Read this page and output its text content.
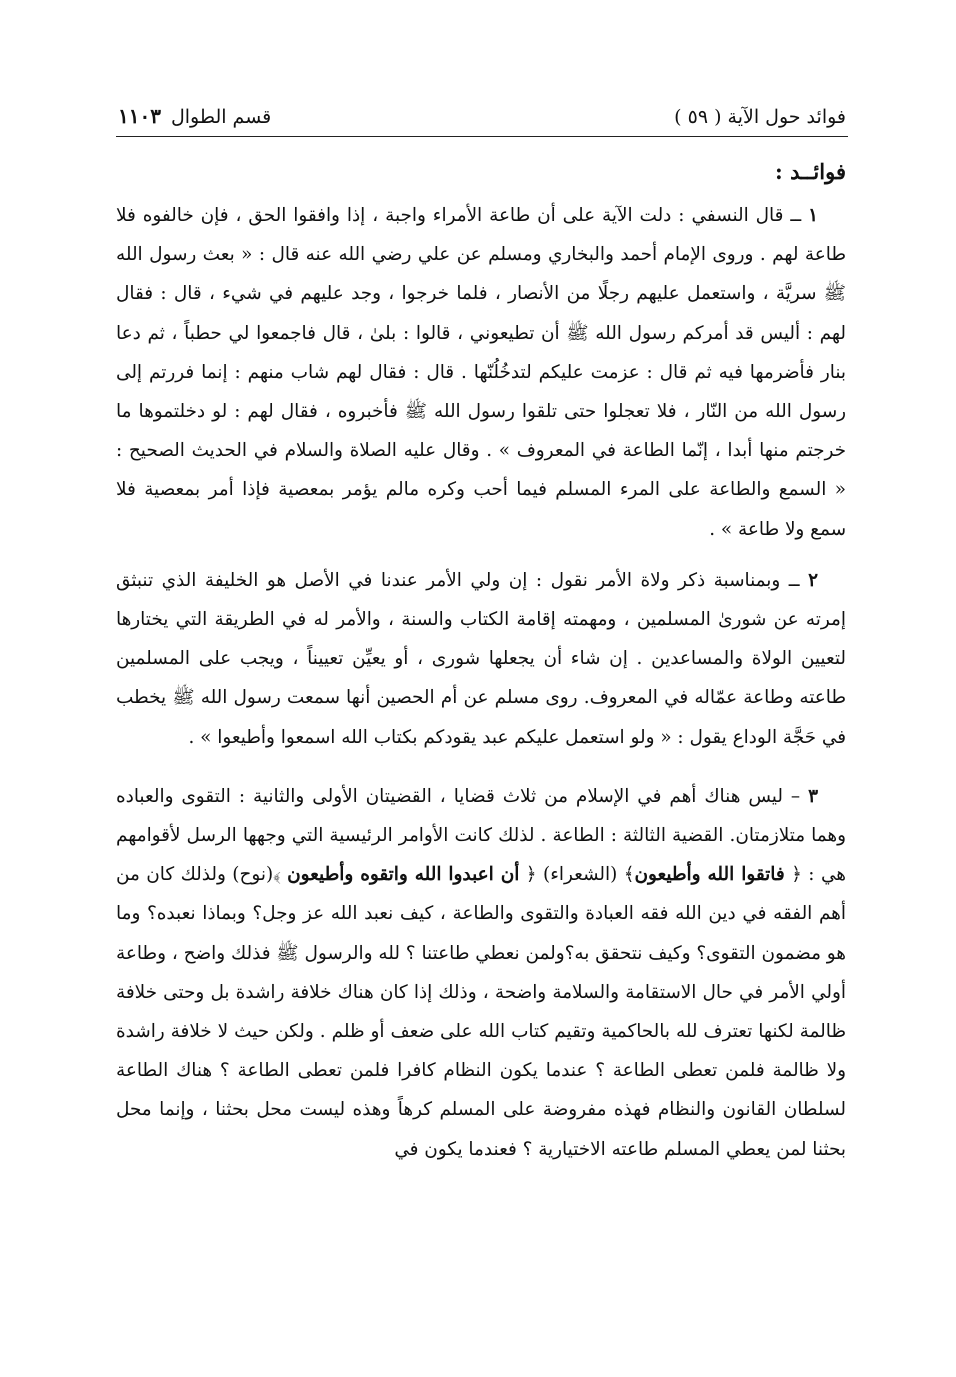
فوائد حول الآية ( ٥٩ )
قسم الطوال
١١٠٣
فوائــد :

١ ــ قال النسفي : دلت الآية على أن طاعة الأمراء واجبة ، إذا وافقوا الحق ، فإن خالفوه فلا طاعة لهم . وروى الإمام أحمد والبخاري ومسلم عن علي رضي الله عنه قال : « بعث رسول الله ﷺ سريَّة ، واستعمل عليهم رجلًا من الأنصار ، فلما خرجوا ، وجد عليهم في شيء ، قال : فقال لهم : أليس قد أمركم رسول الله ﷺ أن تطيعوني ، قالوا : بلىٰ ، قال فاجمعوا لي حطباً ، ثم دعا بنار فأضرمها فيه ثم قال : عزمت عليكم لتدخُلُنّها . قال : فقال لهم شاب منهم : إنما فررتم إلى رسول الله من النّار ، فلا تعجلوا حتى تلقوا رسول الله ﷺ فأخبروه ، فقال لهم : لو دخلتموها ما خرجتم منها أبدا ، إنّما الطاعة في المعروف » . وقال عليه الصلاة والسلام في الحديث الصحيح : « السمع والطاعة على المرء المسلم فيما أحب وكره مالم يؤمر بمعصية فإذا أمر بمعصية فلا سمع ولا طاعة » .

٢ ــ وبمناسبة ذكر ولاة الأمر نقول : إن ولي الأمر عندنا في الأصل هو الخليفة الذي تنبثق إمرته عن شورىٰ المسلمين ، ومهمته إقامة الكتاب والسنة ، والأمر له في الطريقة التي يختارها لتعيين الولاة والمساعدين . إن شاء أن يجعلها شورى ، أو يعيِّن تعييناً ، ويجب على المسلمين طاعته وطاعة عمّاله في المعروف. روى مسلم عن أم الحصين أنها سمعت رسول الله ﷺ يخطب في حَجَّة الوداع يقول : « ولو استعمل عليكم عبد يقودكم بكتاب الله اسمعوا وأطيعوا » .

٣ – ليس هناك أهم في الإسلام من ثلاث قضايا ، القضيتان الأولى والثانية : التقوى والعباده وهما متلازمتان. القضية الثالثة : الطاعة . لذلك كانت الأوامر الرئيسية التي وجهها الرسل لأقوامهم هي : ﴿ فاتقوا الله وأطيعون﴾ (الشعراء) ﴿ أن اعبدوا الله واتقوه وأطيعون ﴾(نوح) ولذلك كان من أهم الفقه في دين الله فقه العبادة والتقوى والطاعة ، كيف نعبد الله عز وجل؟ وبماذا نعبده؟ وما هو مضمون التقوى؟ وكيف نتحقق به؟ولمن نعطي طاعتنا ؟ لله والرسول ﷺ فذلك واضح ، وطاعة أولي الأمر في حال الاستقامة والسلامة واضحة ، وذلك إذا كان هناك خلافة راشدة بل وحتى خلافة ظالمة لكنها تعترف لله بالحاكمية وتقيم كتاب الله على ضعف أو ظلم . ولكن حيث لا خلافة راشدة ولا ظالمة فلمن تعطى الطاعة ؟ عندما يكون النظام كافرا فلمن تعطى الطاعة ؟ هناك الطاعة لسلطان القانون والنظام فهذه مفروضة على المسلم كرهاً وهذه ليست محل بحثنا ، وإنما محل بحثنا لمن يعطي المسلم طاعته الاختيارية ؟ فعندما يكون في
